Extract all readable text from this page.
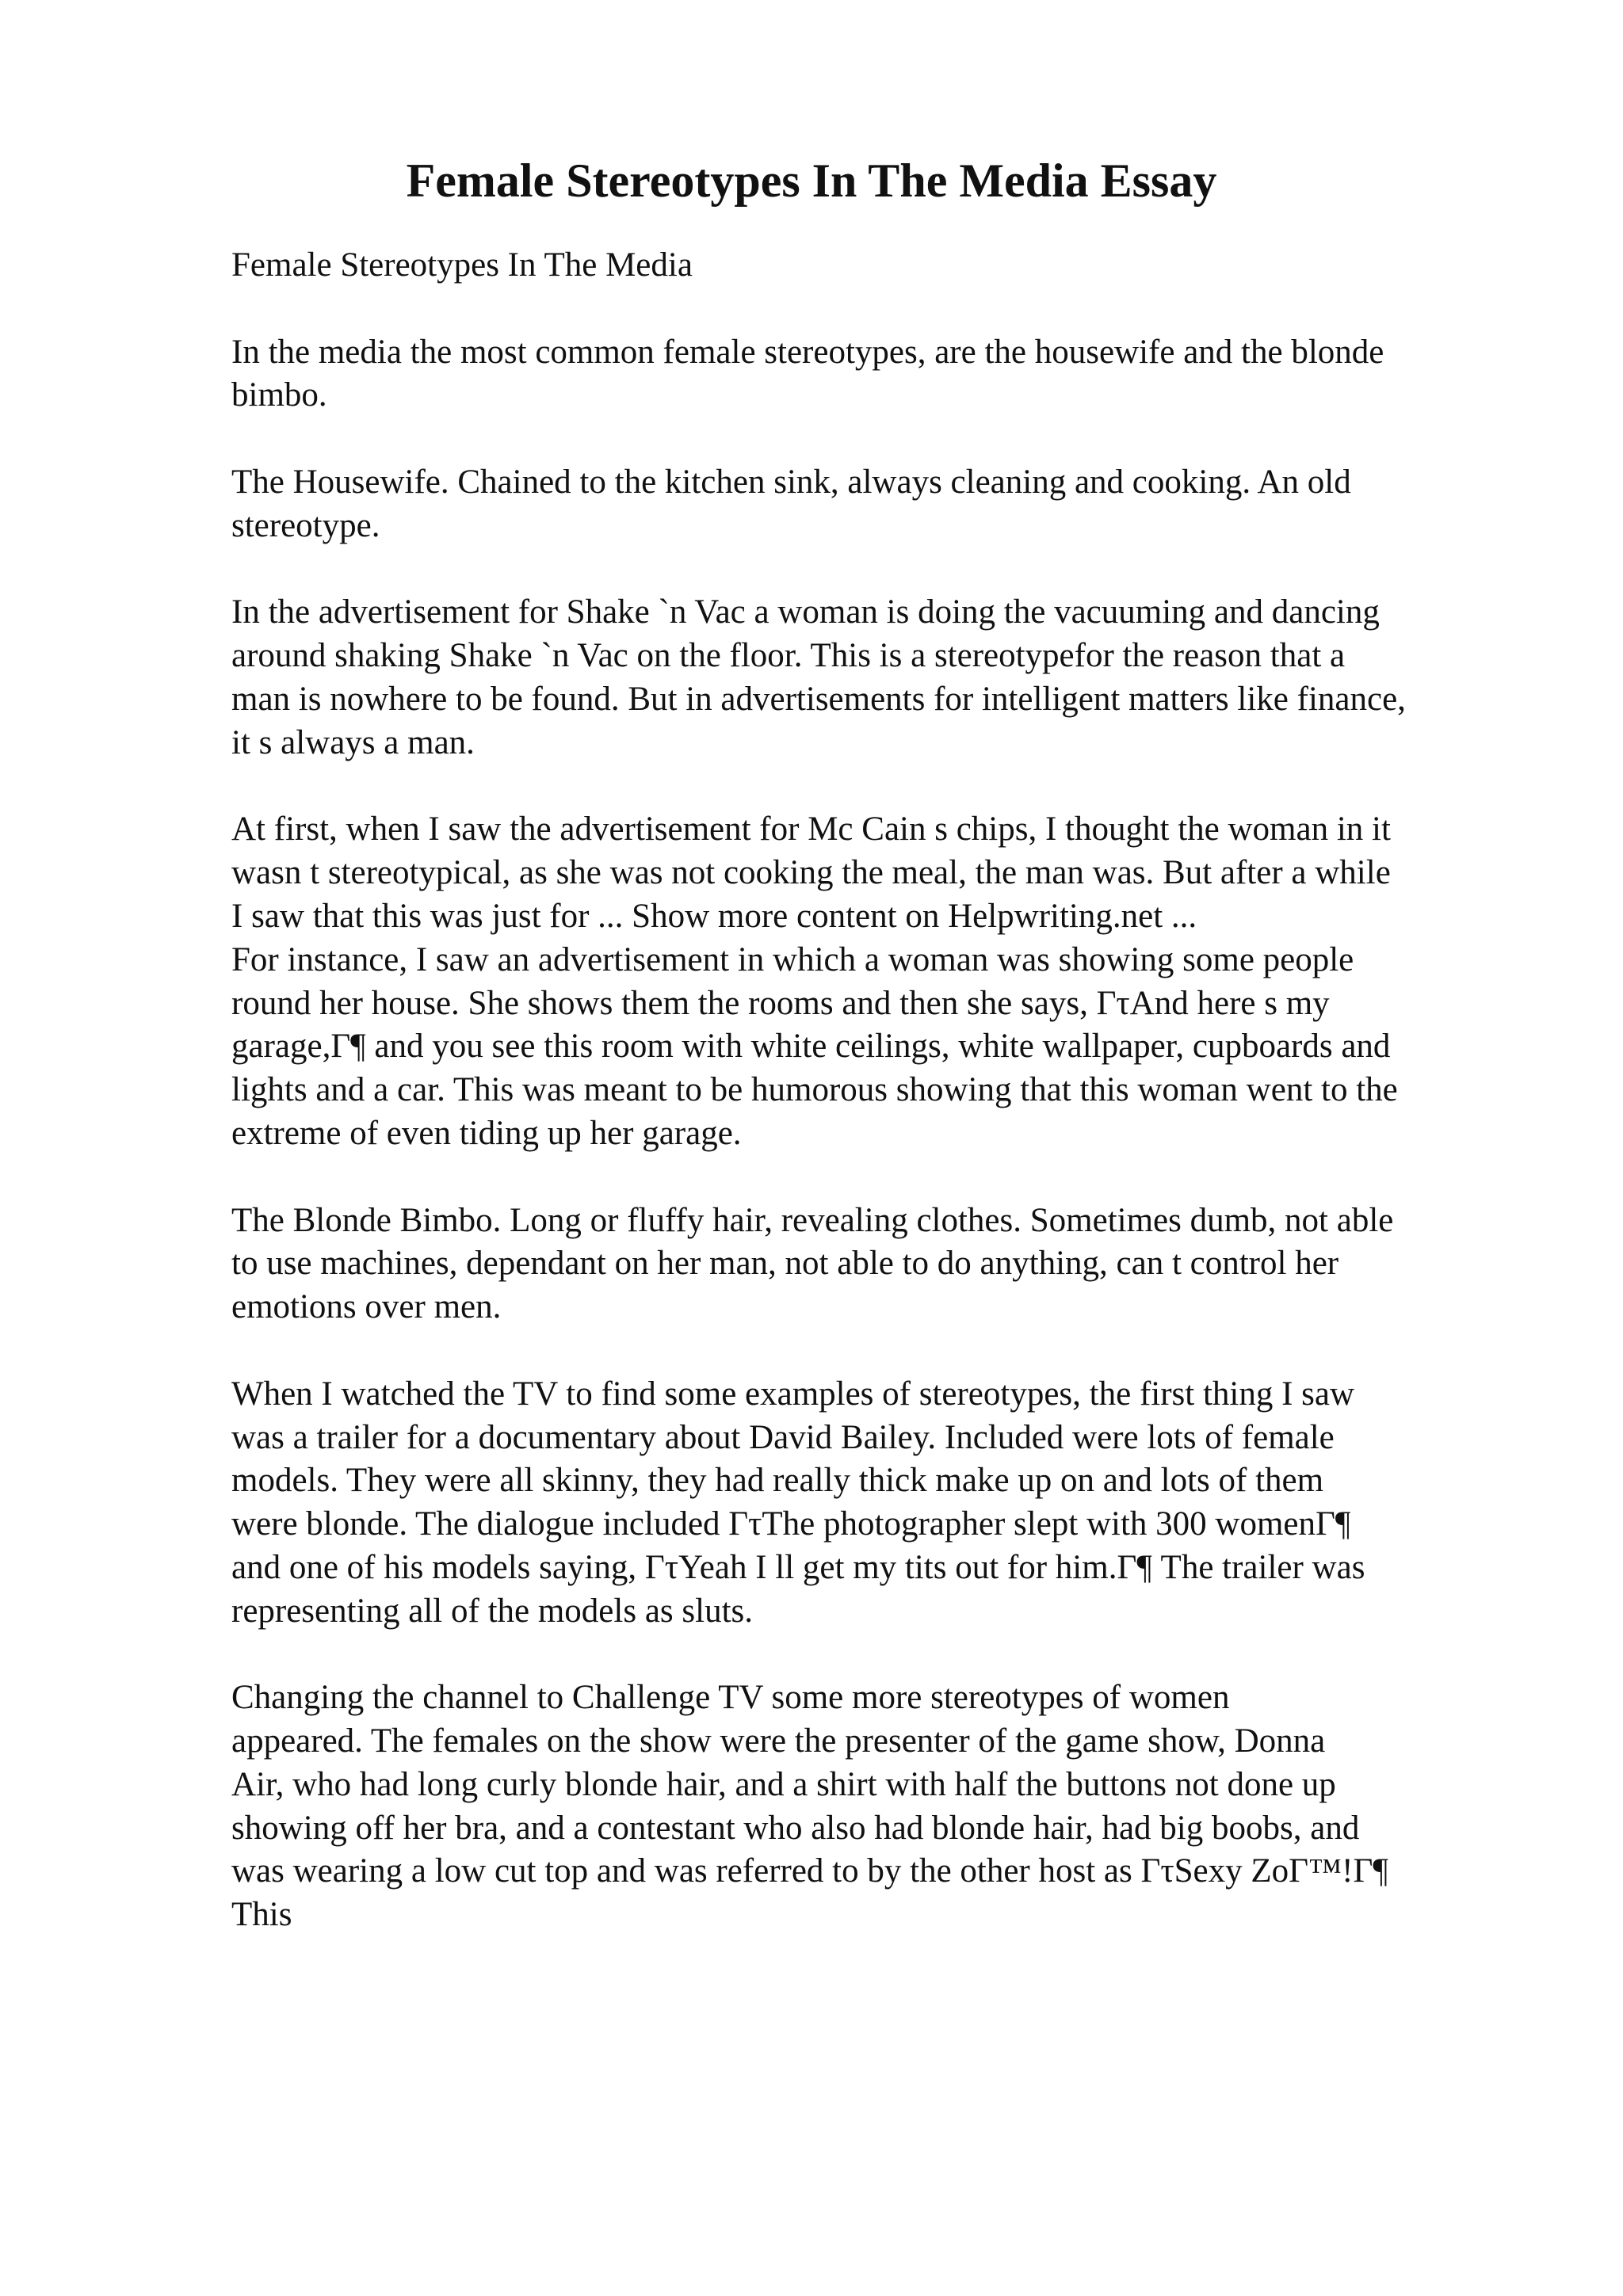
Female Stereotypes In The Media Essay
Female Stereotypes In The Media
In the media the most common female stereotypes, are the housewife and the blonde
bimbo.
The Housewife. Chained to the kitchen sink, always cleaning and cooking. An old
stereotype.
In the advertisement for Shake `n Vac a woman is doing the vacuuming and dancing
around shaking Shake `n Vac on the floor. This is a stereotypefor the reason that a
man is nowhere to be found. But in advertisements for intelligent matters like finance,
it s always a man.
At first, when I saw the advertisement for Mc Cain s chips, I thought the woman in it
wasn t stereotypical, as she was not cooking the meal, the man was. But after a while
I saw that this was just for ... Show more content on Helpwriting.net ...
For instance, I saw an advertisement in which a woman was showing some people
round her house. She shows them the rooms and then she says, ΓτAnd here s my
garage,Γ¶ and you see this room with white ceilings, white wallpaper, cupboards and
lights and a car. This was meant to be humorous showing that this woman went to the
extreme of even tiding up her garage.
The Blonde Bimbo. Long or fluffy hair, revealing clothes. Sometimes dumb, not able
to use machines, dependant on her man, not able to do anything, can t control her
emotions over men.
When I watched the TV to find some examples of stereotypes, the first thing I saw
was a trailer for a documentary about David Bailey. Included were lots of female
models. They were all skinny, they had really thick make up on and lots of them
were blonde. The dialogue included ΓτThe photographer slept with 300 womenΓ¶
and one of his models saying, ΓτYeah I ll get my tits out for him.Γ¶ The trailer was
representing all of the models as sluts.
Changing the channel to Challenge TV some more stereotypes of women
appeared. The females on the show were the presenter of the game show, Donna
Air, who had long curly blonde hair, and a shirt with half the buttons not done up
showing off her bra, and a contestant who also had blonde hair, had big boobs, and
was wearing a low cut top and was referred to by the other host as ΓτSexy ZoΓ™!Γ¶
This
